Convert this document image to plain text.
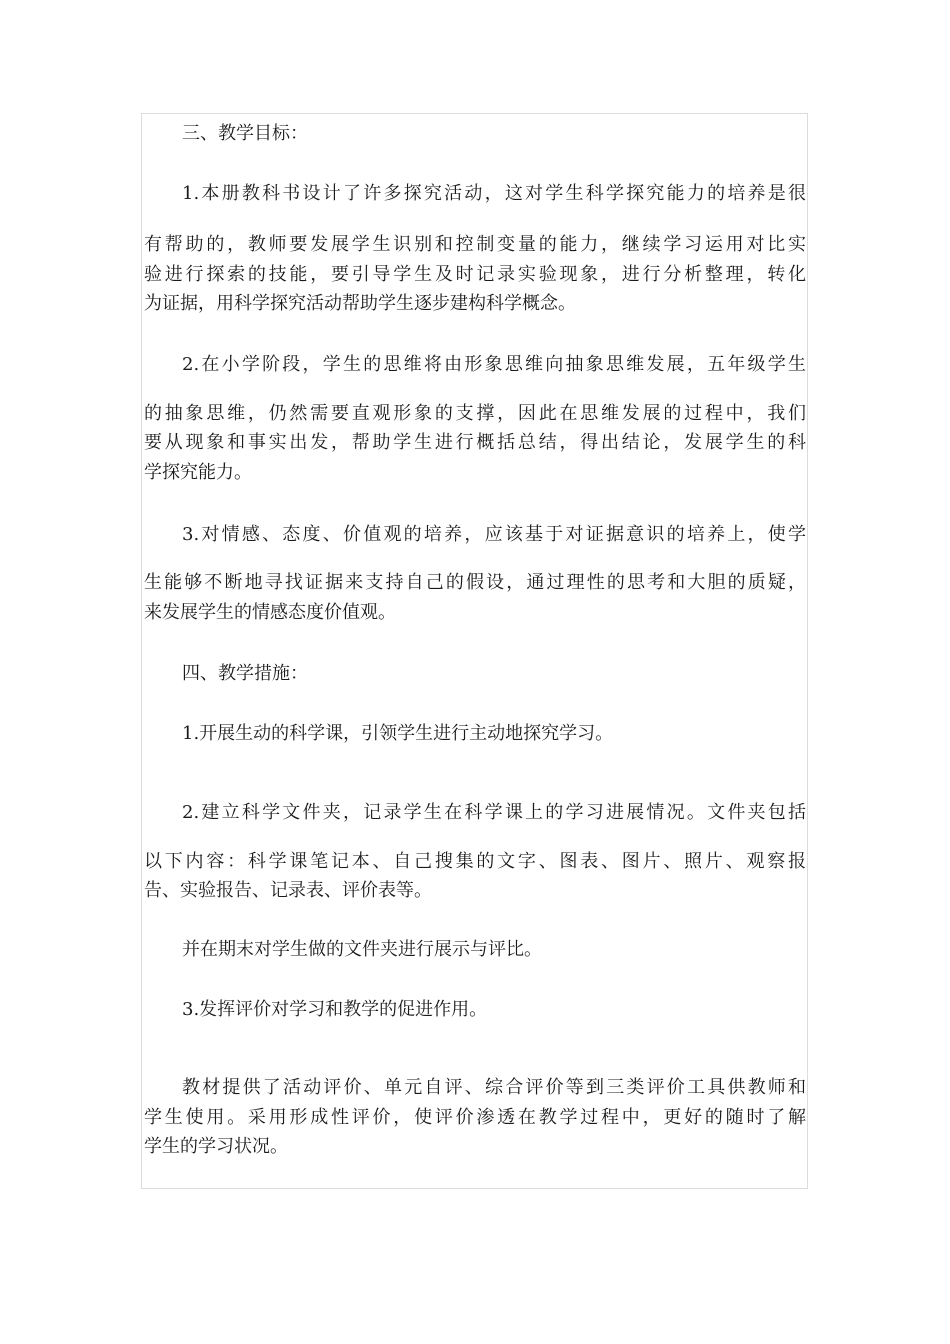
三、教学目标：
1.本册教科书设计了许多探究活动，这对学生科学探究能力的培养是很
有帮助的，教师要发展学生识别和控制变量的能力，继续学习运用对比实
验进行探索的技能，要引导学生及时记录实验现象，进行分析整理，转化
为证据，用科学探究活动帮助学生逐步建构科学概念。
2.在小学阶段，学生的思维将由形象思维向抽象思维发展，五年级学生
的抽象思维，仍然需要直观形象的支撑，因此在思维发展的过程中，我们
要从现象和事实出发，帮助学生进行概括总结，得出结论，发展学生的科
学探究能力。
3.对情感、态度、价值观的培养，应该基于对证据意识的培养上，使学
生能够不断地寻找证据来支持自己的假设，通过理性的思考和大胆的质疑，
来发展学生的情感态度价值观。
四、教学措施：
1.开展生动的科学课，引领学生进行主动地探究学习。
2.建立科学文件夹，记录学生在科学课上的学习进展情况。文件夹包括
以下内容：科学课笔记本、自己搜集的文字、图表、图片、照片、观察报
告、实验报告、记录表、评价表等。
并在期末对学生做的文件夹进行展示与评比。
3.发挥评价对学习和教学的促进作用。
教材提供了活动评价、单元自评、综合评价等到三类评价工具供教师和
学生使用。采用形成性评价，使评价渗透在教学过程中，更好的随时了解
学生的学习状况。
